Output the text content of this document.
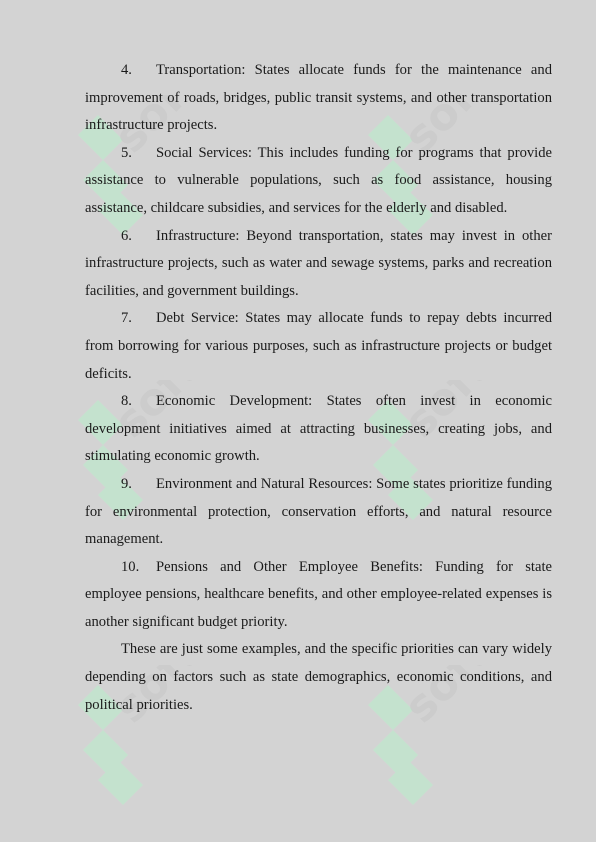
4. Transportation: States allocate funds for the maintenance and improvement of roads, bridges, public transit systems, and other transportation infrastructure projects.

5. Social Services: This includes funding for programs that provide assistance to vulnerable populations, such as food assistance, housing assistance, childcare subsidies, and services for the elderly and disabled.

6. Infrastructure: Beyond transportation, states may invest in other infrastructure projects, such as water and sewage systems, parks and recreation facilities, and government buildings.

7. Debt Service: States may allocate funds to repay debts incurred from borrowing for various purposes, such as infrastructure projects or budget deficits.

8. Economic Development: States often invest in economic development initiatives aimed at attracting businesses, creating jobs, and stimulating economic growth.

9. Environment and Natural Resources: Some states prioritize funding for environmental protection, conservation efforts, and natural resource management.

10. Pensions and Other Employee Benefits: Funding for state employee pensions, healthcare benefits, and other employee-related expenses is another significant budget priority.

These are just some examples, and the specific priorities can vary widely depending on factors such as state demographics, economic conditions, and political priorities.
